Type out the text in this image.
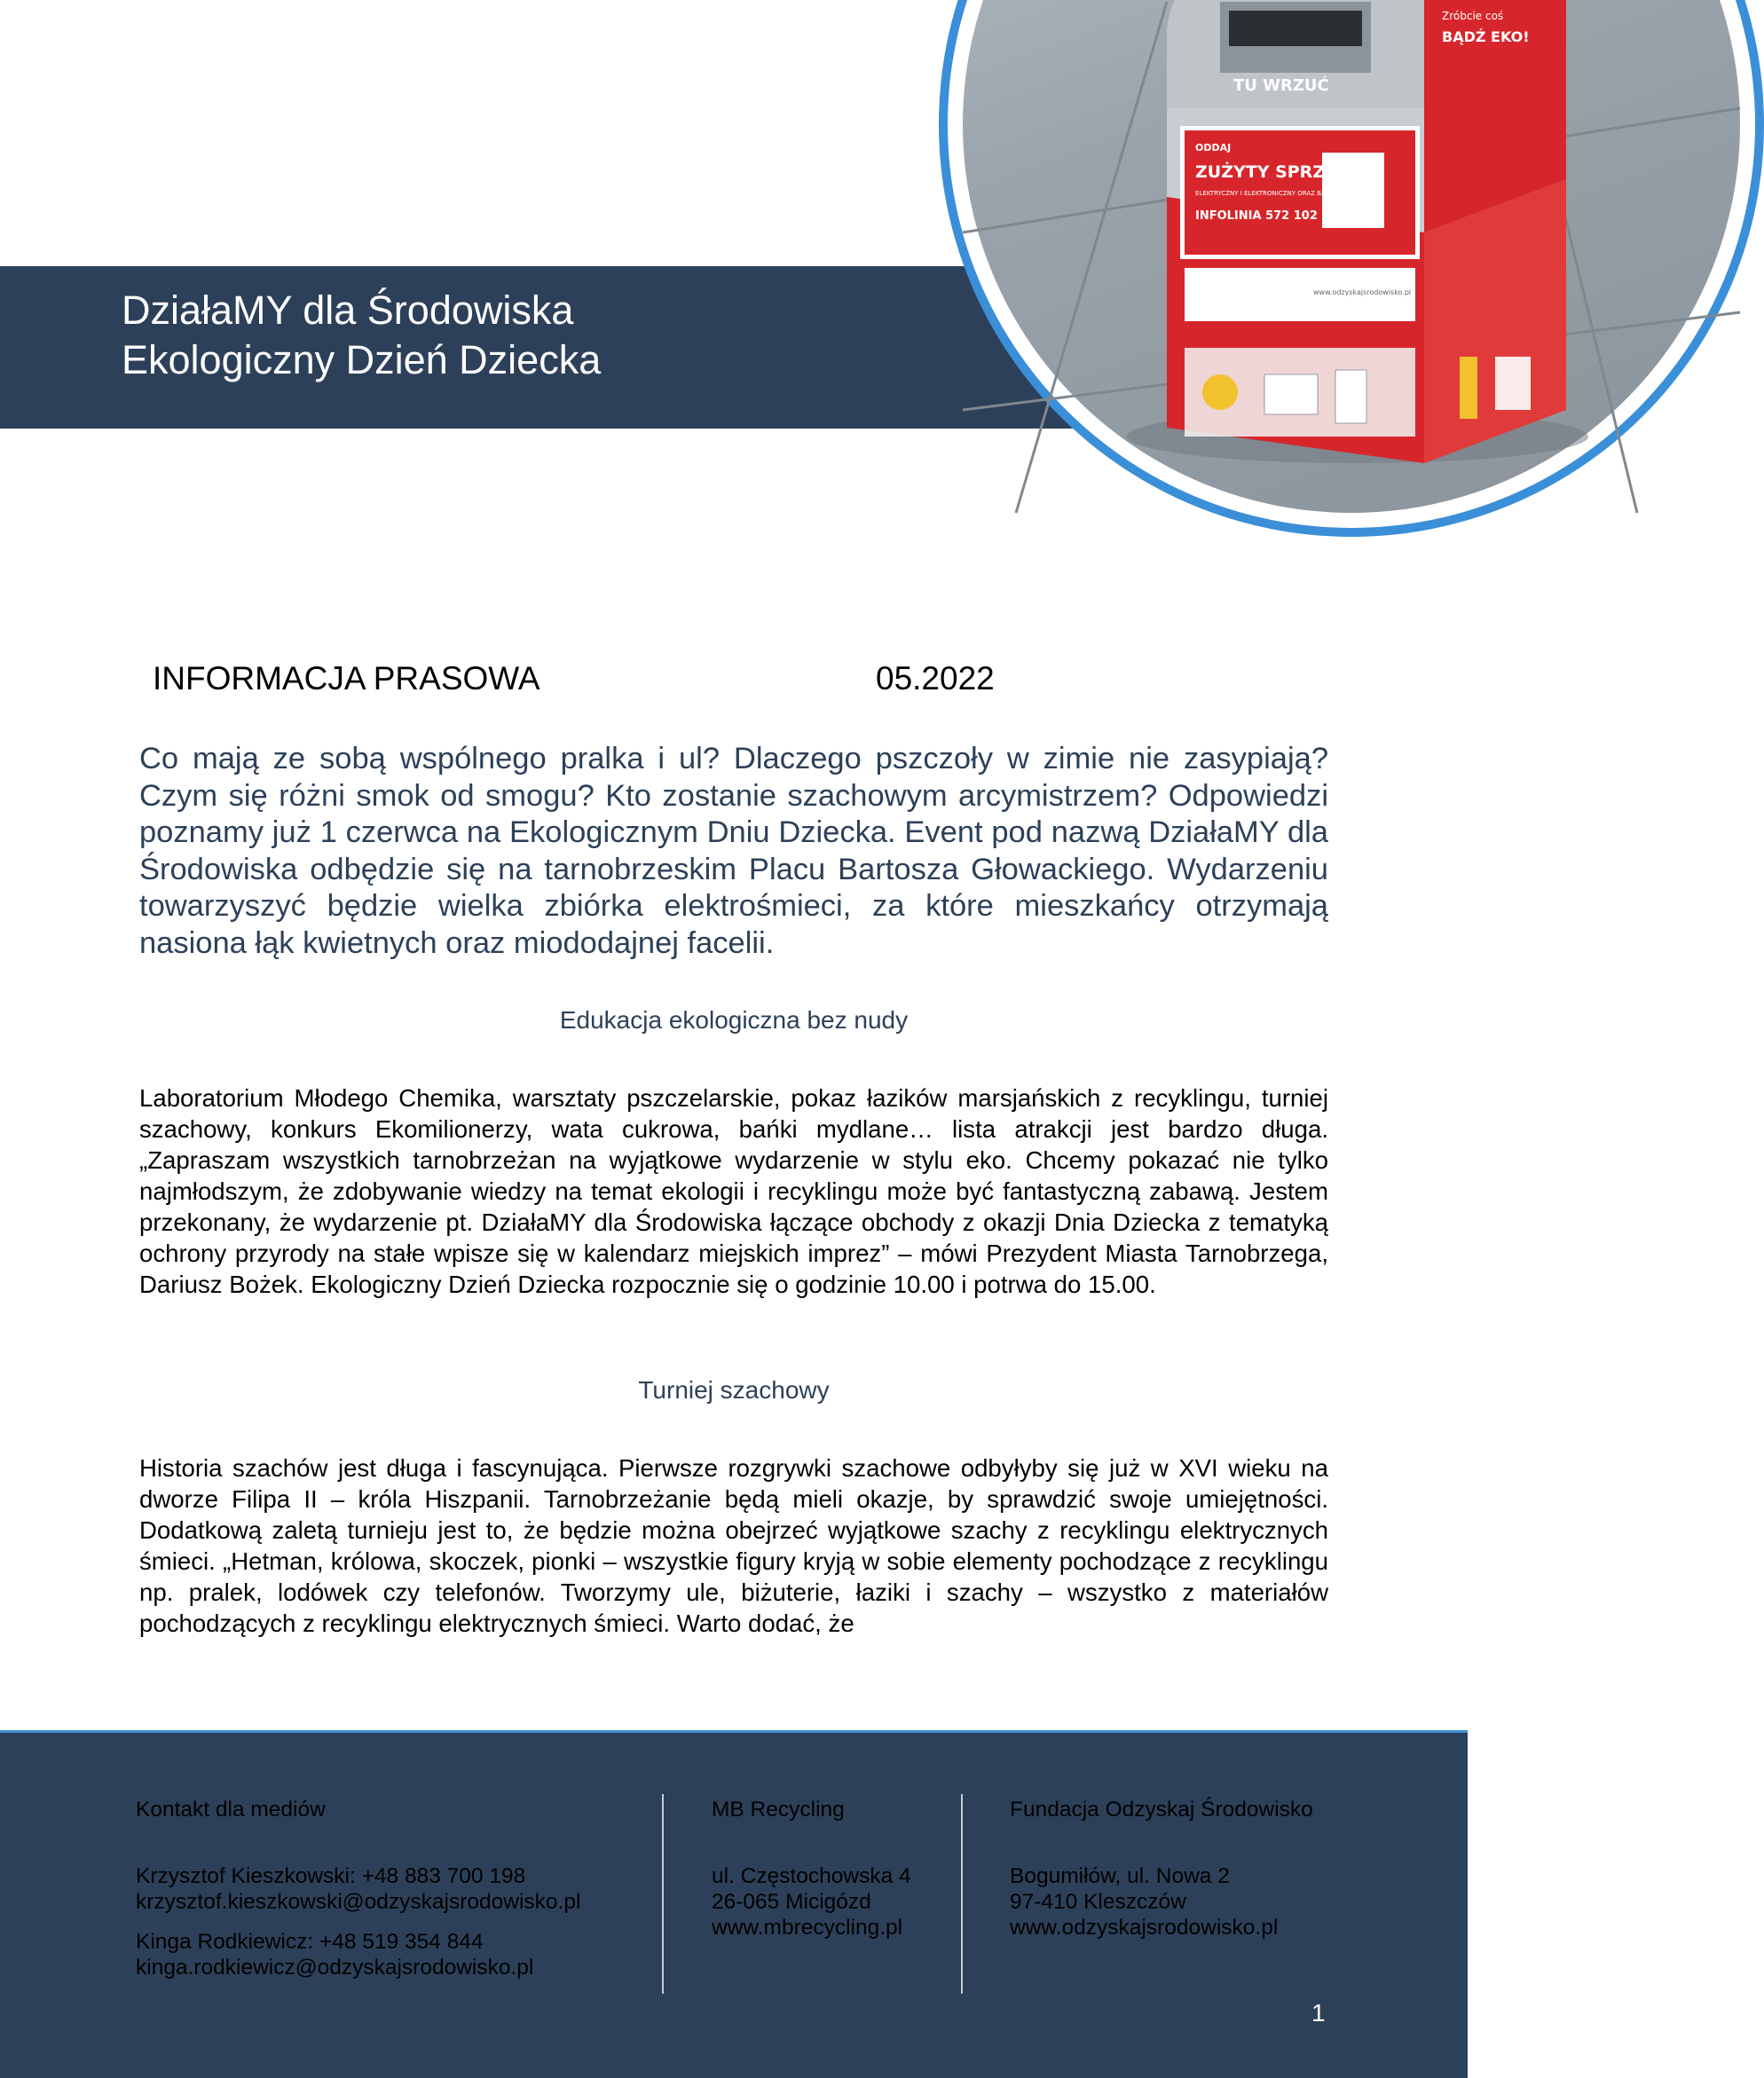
DziałaMY dla Środowiska
Ekologiczny Dzień Dziecka
TU WRZUĆ
ODDAJ
ZUŻYTY SPRZĘT
ELEKTRYCZNY I ELEKTRONICZNY ORAZ BATERIE
INFOLINIA 572 102 102
Zróbcie coś
BĄDŹ EKO!
www.odzyskajsrodowisko.pl
INFORMACJA PRASOWA	05.2022
Co mają ze sobą wspólnego pralka i ul? Dlaczego pszczoły w zimie nie zasypiają? Czym się różni smok od smogu? Kto zostanie szachowym arcymistrzem? Odpowiedzi poznamy już 1 czerwca na Ekologicznym Dniu Dziecka. Event pod nazwą DziałaMY dla Środowiska odbędzie się na tarnobrzeskim Placu Bartosza Głowackiego. Wydarzeniu towarzyszyć będzie wielka zbiórka elektrośmieci, za które mieszkańcy otrzymają nasiona łąk kwietnych oraz miododajnej facelii.
Edukacja ekologiczna bez nudy
Laboratorium Młodego Chemika, warsztaty pszczelarskie, pokaz łazików marsjańskich z recyklingu, turniej szachowy, konkurs Ekomilionerzy, wata cukrowa, bańki mydlane… lista atrakcji jest bardzo długa. „Zapraszam wszystkich tarnobrzeżan na wyjątkowe wydarzenie w stylu eko. Chcemy pokazać nie tylko najmłodszym, że zdobywanie wiedzy na temat ekologii i recyklingu może być fantastyczną zabawą. Jestem przekonany, że wydarzenie pt. DziałaMY dla Środowiska łączące obchody z okazji Dnia Dziecka z tematyką ochrony przyrody na stałe wpisze się w kalendarz miejskich imprez” – mówi Prezydent Miasta Tarnobrzega, Dariusz Bożek. Ekologiczny Dzień Dziecka rozpocznie się o godzinie 10.00 i potrwa do 15.00.
Turniej szachowy
Historia szachów jest długa i fascynująca. Pierwsze rozgrywki szachowe odbyłyby się już w XVI wieku na dworze Filipa II – króla Hiszpanii. Tarnobrzeżanie będą mieli okazje, by sprawdzić swoje umiejętności. Dodatkową zaletą turnieju jest to, że będzie można obejrzeć wyjątkowe szachy z recyklingu elektrycznych śmieci. „Hetman, królowa, skoczek, pionki – wszystkie figury kryją w sobie elementy pochodzące z recyklingu np. pralek, lodówek czy telefonów. Tworzymy ule, biżuterie, łaziki i szachy – wszystko z materiałów pochodzących z recyklingu elektrycznych śmieci. Warto dodać, że
Kontakt dla mediów
Krzysztof Kieszkowski: +48 883 700 198
krzysztof.kieszkowski@odzyskajsrodowisko.pl
Kinga Rodkiewicz: +48 519 354 844
kinga.rodkiewicz@odzyskajsrodowisko.pl
MB Recycling
ul. Częstochowska 4
26-065 Micigózd
www.mbrecycling.pl
Fundacja Odzyskaj Środowisko
Bogumiłów, ul. Nowa 2
97-410 Kleszczów
www.odzyskajsrodowisko.pl
1
